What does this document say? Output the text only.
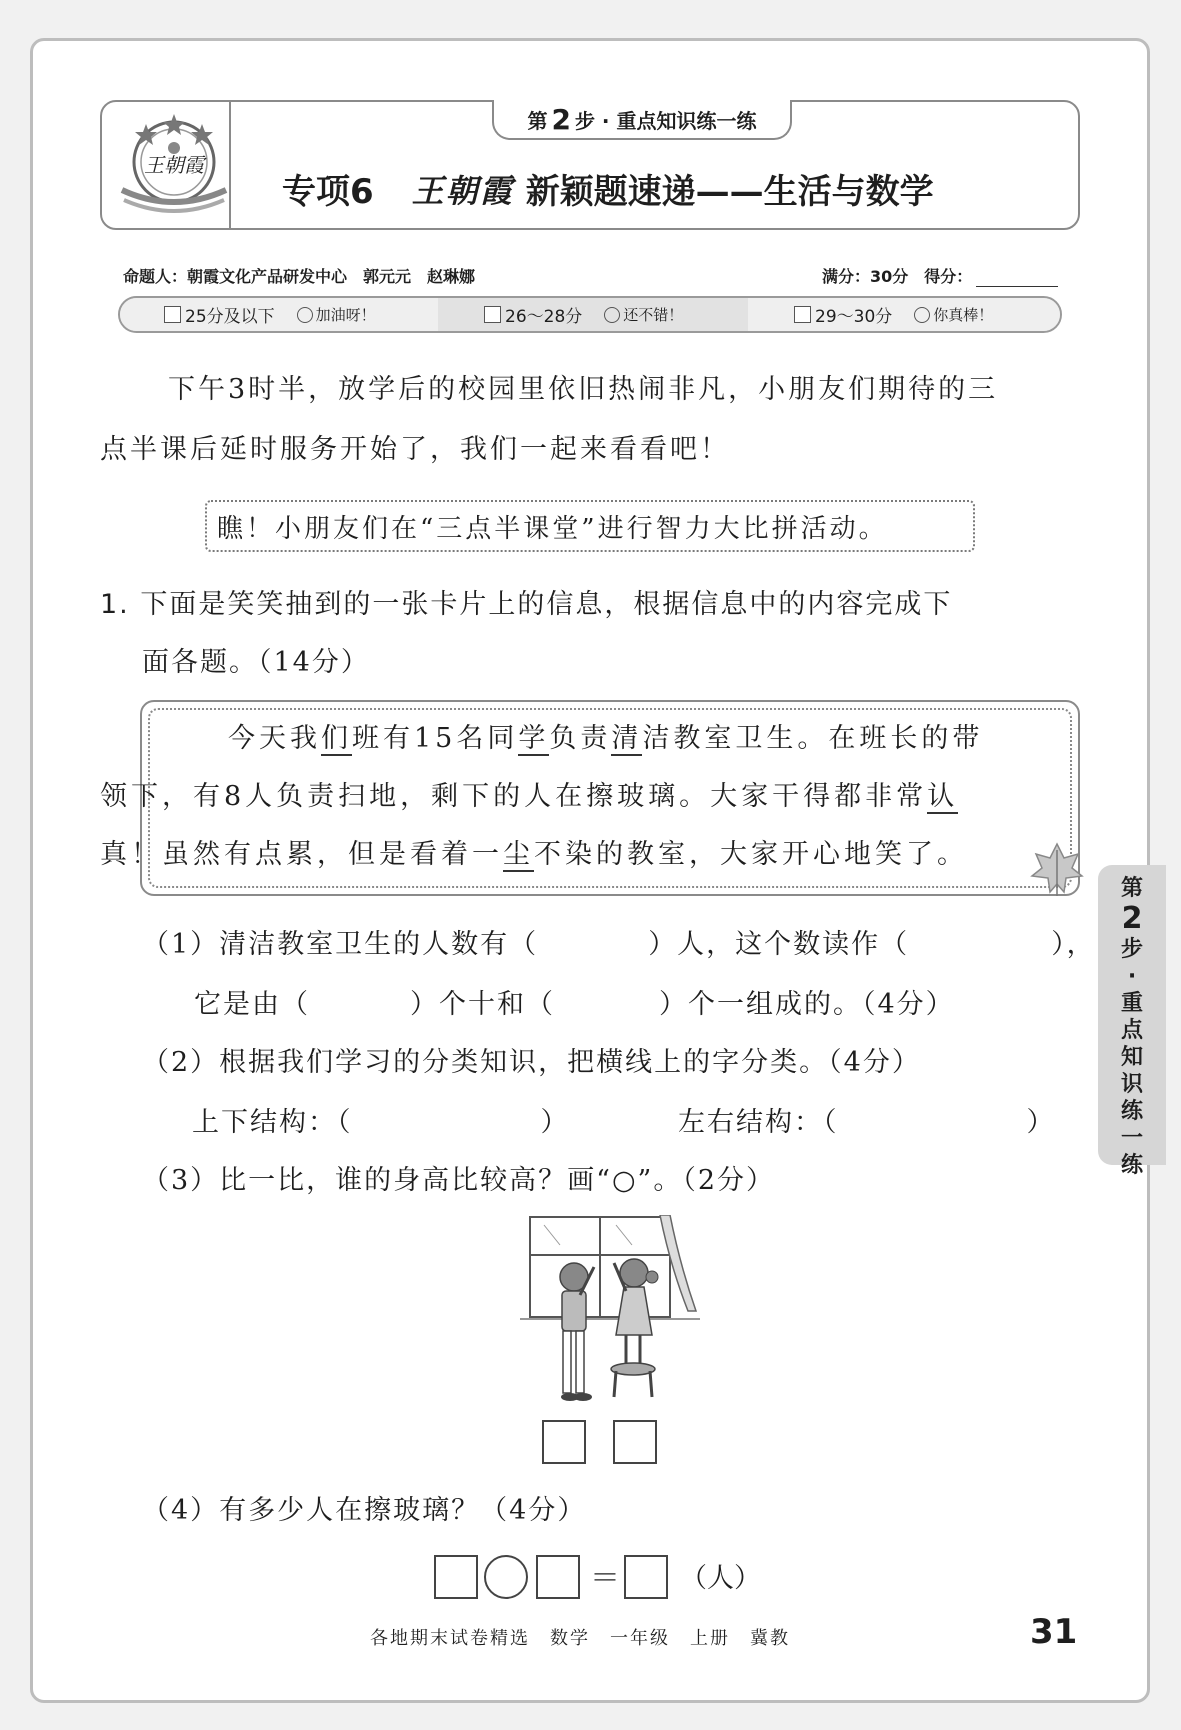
王朝霞
第 2 步 · 重点知识练一练
专项6 王朝霞 新颖题速递——生活与数学
命题人：朝霞文化产品研发中心　郭元元　赵琳娜	满分：30分　 得分：
25分及以下	加油呀！	26～28分	还不错！	29～30分	你真棒！
下午3时半，放学后的校园里依旧热闹非凡，小朋友们期待的三
点半课后延时服务开始了，我们一起来看看吧！
瞧！小朋友们在“三点半课堂”进行智力大比拼活动。
1. 下面是笑笑抽到的一张卡片上的信息，根据信息中的内容完成下
面各题。（14分）
今天我们班有15名同学负责清洁教室卫生。在班长的带
领下，有8人负责扫地，剩下的人在擦玻璃。大家干得都非常认
真！虽然有点累，但是看着一尘不染的教室，大家开心地笑了。
（1）清洁教室卫生的人数有（	）人，这个数读作（	），
它是由（	）个十和（	）个一组成的。（4分）
（2）根据我们学习的分类知识，把横线上的字分类。（4分）
上下结构：（	）	左右结构：（	）
（3）比一比，谁的身高比较高？画“○”。（2分）
（4）有多少人在擦玻璃？（4分）
＝ （人）
第
2
步
·
重
点
知
识
练
一
练
各地期末试卷精选　数学　一年级　上册　冀教	31
